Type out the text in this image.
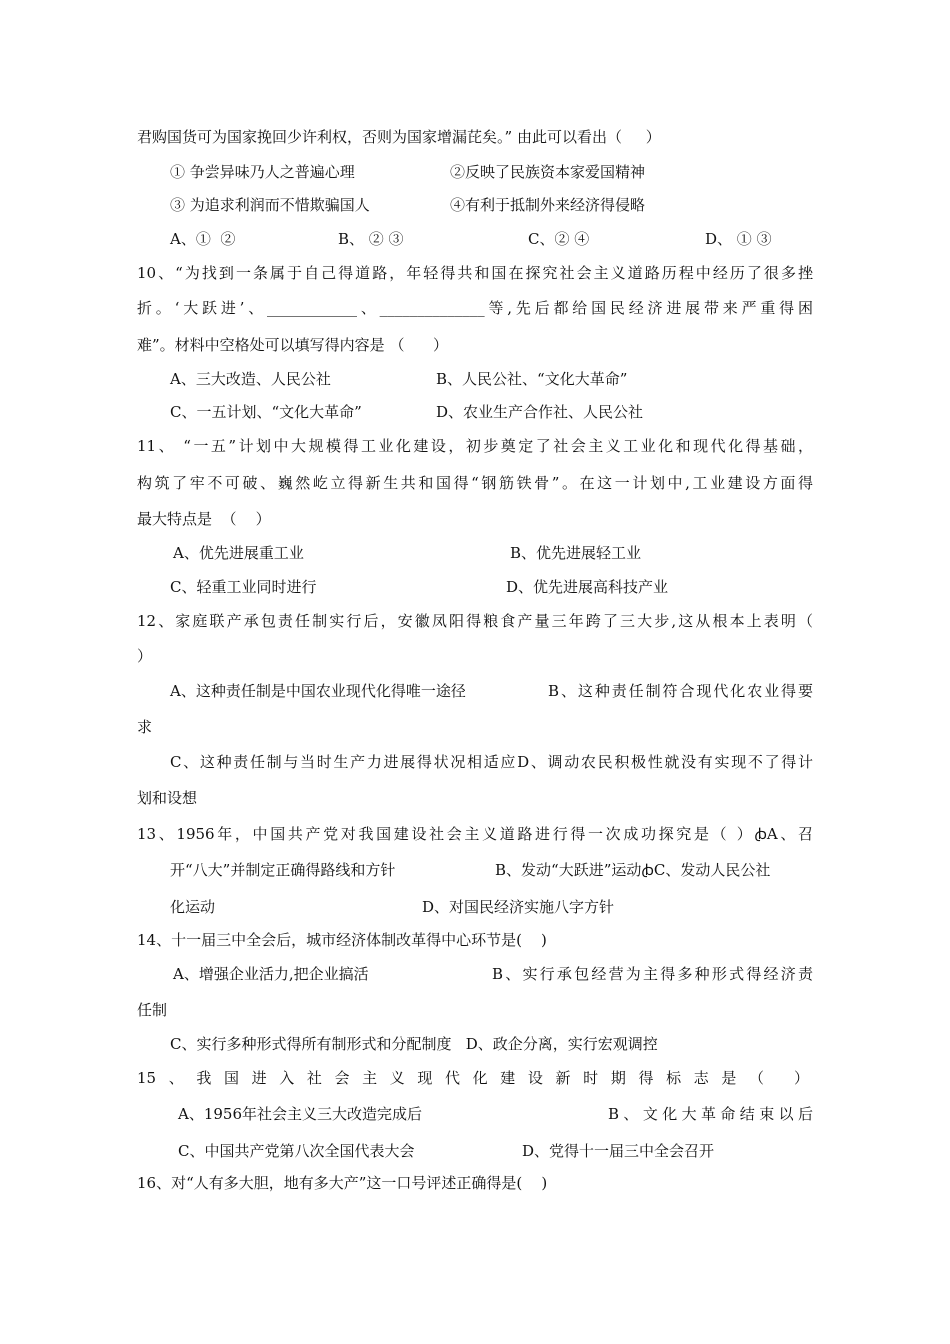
君购国货可为国家挽回少许利权，否则为国家增漏芘矣。” 由此可以看出（     ）
① 争尝异味乃人之普遍心理	②反映了民族资本家爱国精神
③ 为追求利润而不惜欺骗国人	④有利于抵制外来经济得侵略
A、①  ②	B、 ② ③	C、② ④	D、 ① ③
10、“为找到一条属于自己得道路，年轻得共和国在探究社会主义道路历程中经历了很多挫
折。‘大跃进’、____________、______________等,先后都给国民经济进展带来严重得困
难”。材料中空格处可以填写得内容是 （      ）
A、三大改造、人民公社	B、人民公社、“文化大革命”
C、一五计划、“文化大革命”	D、农业生产合作社、人民公社
11、 “一五”计划中大规模得工业化建设，初步奠定了社会主义工业化和现代化得基础，
构筑了牢不可破、巍然屹立得新生共和国得“钢筋铁骨”。在这一计划中,工业建设方面得
最大特点是  （    ）
A、优先进展重工业	B、优先进展轻工业
C、轻重工业同时进行	D、优先进展高科技产业
12、家庭联产承包责任制实行后，安徽凤阳得粮食产量三年跨了三大步,这从根本上表明（
）
A、这种责任制是中国农业现代化得唯一途径	B、这种责任制符合现代化农业得要
求
C、这种责任制与当时生产力进展得状况相适应D、调动农民积极性就没有实现不了得计
划和设想
13、1956年，中国共产党对我国建设社会主义道路进行得一次成功探究是（ ）ꞗA、召
开“八大”并制定正确得路线和方针	B、发动“大跃进”运动ꞗC、发动人民公社
化运动	D、对国民经济实施八字方针
14、十一届三中全会后，城市经济体制改革得中心环节是(    )
A、增强企业活力,把企业搞活	B、实行承包经营为主得多种形式得经济责
任制
C、实行多种形式得所有制形式和分配制度   D、政企分离，实行宏观调控
15、我国进入社会主义现代化建设新时期得标志是（ ）
A、1956年社会主义三大改造完成后	B、文化大革命结束以后
C、中国共产党第八次全国代表大会	D、党得十一届三中全会召开
16、对“人有多大胆，地有多大产”这一口号评述正确得是(    )
